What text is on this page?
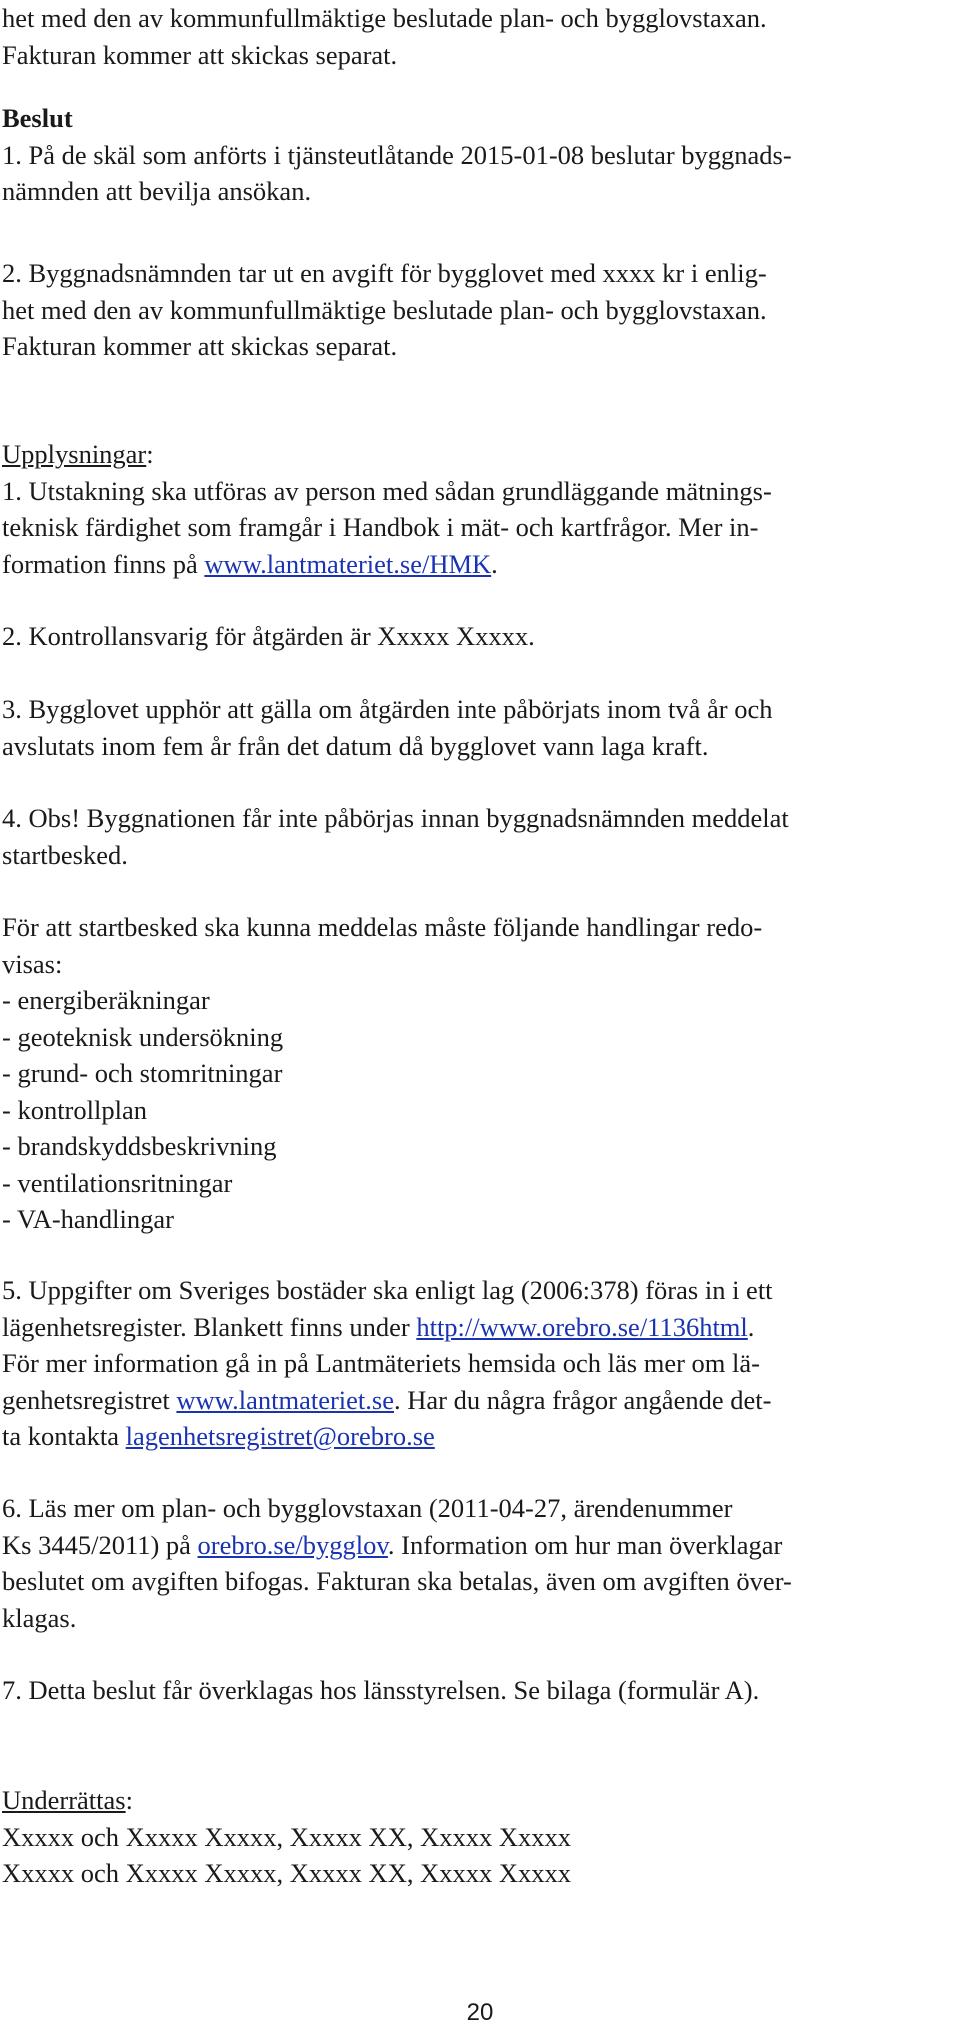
het med den av kommunfullmäktige beslutade plan- och bygglovstaxan.

Fakturan kommer att skickas separat.

Beslut

1. På de skäl som anförts i tjänsteutlåtande 2015-01-08 beslutar byggnads-

nämnden att bevilja ansökan.

2. Byggnadsnämnden tar ut en avgift för bygglovet med xxxx kr i enlig-

het med den av kommunfullmäktige beslutade plan- och bygglovstaxan.

Fakturan kommer att skickas separat.

Upplysningar:

1. Utstakning ska utföras av person med sådan grundläggande mätnings-

teknisk färdighet som framgår i Handbok i mät- och kartfrågor. Mer in-

formation finns på www.lantmateriet.se/HMK.

2. Kontrollansvarig för åtgärden är Xxxxx Xxxxx.

3. Bygglovet upphör att gälla om åtgärden inte påbörjats inom två år och

avslutats inom fem år från det datum då bygglovet vann laga kraft.

4. Obs! Byggnationen får inte påbörjas innan byggnadsnämnden meddelat

startbesked.

För att startbesked ska kunna meddelas måste följande handlingar redo-

visas:

- energiberäkningar

- geoteknisk undersökning

- grund- och stomritningar

- kontrollplan

- brandskyddsbeskrivning

- ventilationsritningar

- VA-handlingar

5. Uppgifter om Sveriges bostäder ska enligt lag (2006:378) föras in i ett

lägenhetsregister. Blankett finns under http://www.orebro.se/1136html.

För mer information gå in på Lantmäteriets hemsida och läs mer om lä-

genhetsregistret www.lantmateriet.se. Har du några frågor angående det-

ta kontakta lagenhetsregistret@orebro.se

6. Läs mer om plan- och bygglovstaxan (2011-04-27, ärendenummer

Ks 3445/2011) på orebro.se/bygglov. Information om hur man överklagar

beslutet om avgiften bifogas. Fakturan ska betalas, även om avgiften över-

klagas.

7. Detta beslut får överklagas hos länsstyrelsen. Se bilaga (formulär A).

Underrättas:

Xxxxx och Xxxxx Xxxxx, Xxxxx XX, Xxxxx Xxxxx

Xxxxx och Xxxxx Xxxxx, Xxxxx XX, Xxxxx Xxxxx

20
